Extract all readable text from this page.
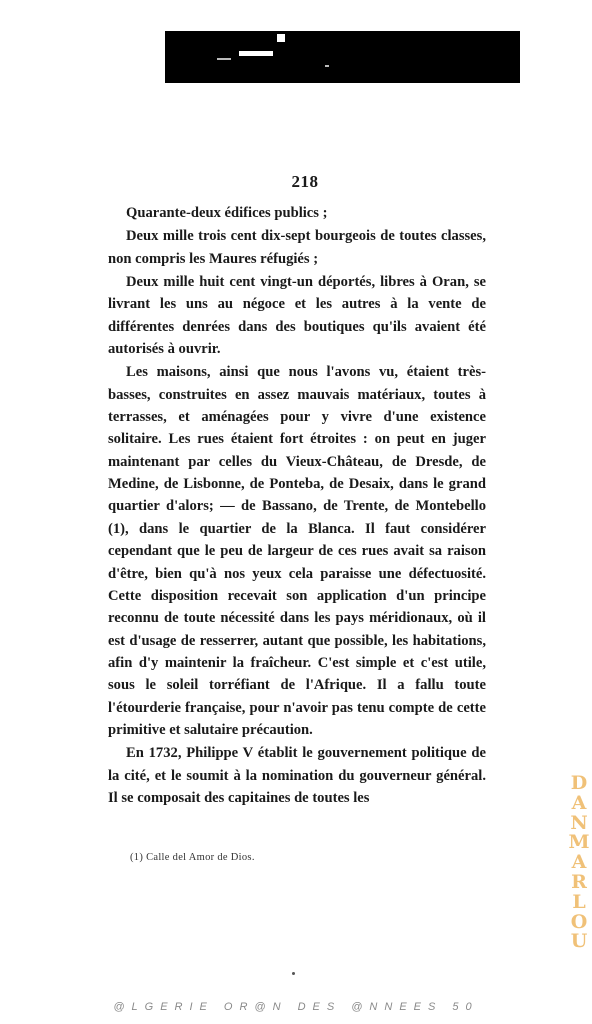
218

Quarante-deux édifices publics ;

Deux mille trois cent dix-sept bourgeois de toutes classes, non compris les Maures réfugiés ;

Deux mille huit cent vingt-un déportés, libres à Oran, se livrant les uns au négoce et les autres à la vente de différentes denrées dans des boutiques qu'ils avaient été autorisés à ouvrir.

Les maisons, ainsi que nous l'avons vu, étaient très-basses, construites en assez mauvais matériaux, toutes à terrasses, et aménagées pour y vivre d'une existence solitaire. Les rues étaient fort étroites : on peut en juger maintenant par celles du Vieux-Château, de Dresde, de Medine, de Lisbonne, de Ponteba, de Desaix, dans le grand quartier d'alors; — de Bassano, de Trente, de Montebello (1), dans le quartier de la Blanca. Il faut considérer cependant que le peu de largeur de ces rues avait sa raison d'être, bien qu'à nos yeux cela paraisse une défectuosité. Cette disposition recevait son application d'un principe reconnu de toute nécessité dans les pays méridionaux, où il est d'usage de resserrer, autant que possible, les habitations, afin d'y maintenir la fraîcheur. C'est simple et c'est utile, sous le soleil torréfiant de l'Afrique. Il a fallu toute l'étourderie française, pour n'avoir pas tenu compte de cette primitive et salutaire précaution.

En 1732, Philippe V établit le gouvernement politique de la cité, et le soumit à la nomination du gouverneur général. Il se composait des capitaines de toutes les

(1) Calle del Amor de Dios.
@LGERIE OR@N DES @NNEES 50
D
A
N
M
A
R
L
O
U
